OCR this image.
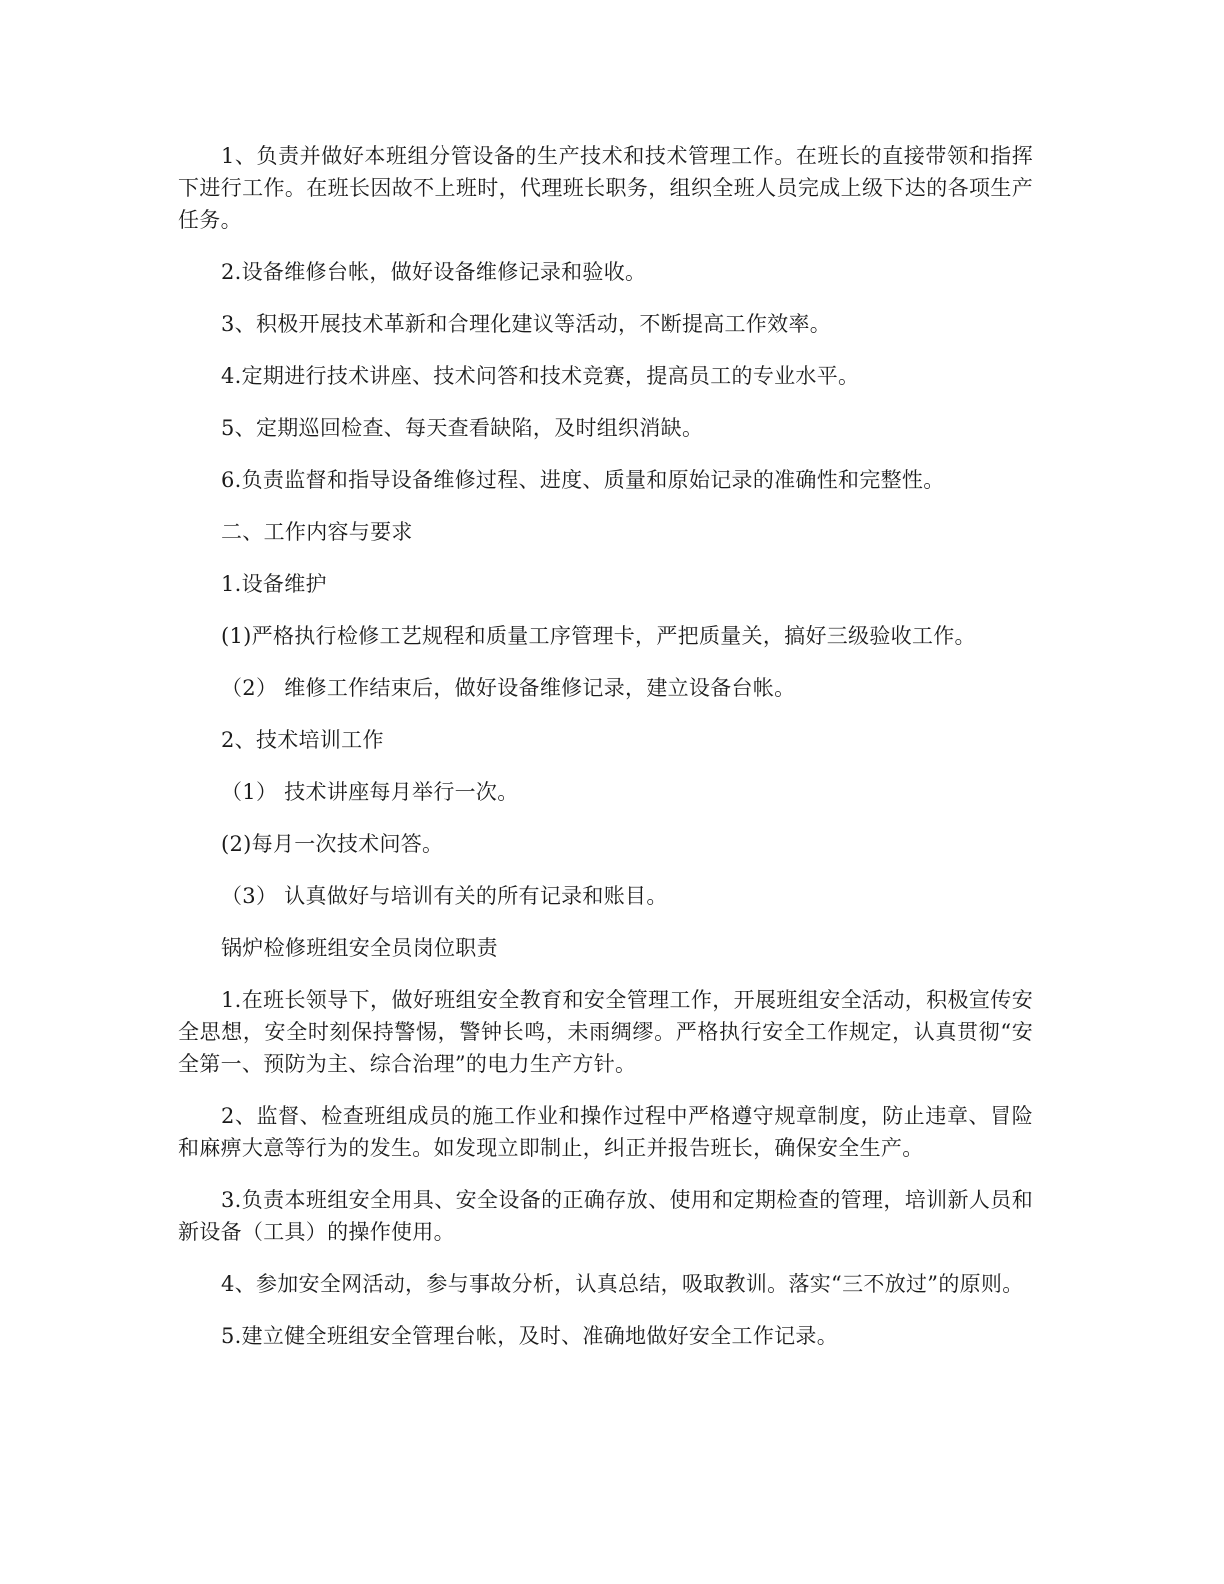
1、负责并做好本班组分管设备的生产技术和技术管理工作。在班长的直接带领和指挥下进行工作。在班长因故不上班时，代理班长职务，组织全班人员完成上级下达的各项生产任务。

2.设备维修台帐，做好设备维修记录和验收。

3、积极开展技术革新和合理化建议等活动，不断提高工作效率。

4.定期进行技术讲座、技术问答和技术竞赛，提高员工的专业水平。

5、定期巡回检查、每天查看缺陷，及时组织消缺。

6.负责监督和指导设备维修过程、进度、质量和原始记录的准确性和完整性。

二、工作内容与要求

1.设备维护

(1)严格执行检修工艺规程和质量工序管理卡，严把质量关，搞好三级验收工作。

（2） 维修工作结束后，做好设备维修记录，建立设备台帐。

2、技术培训工作

（1） 技术讲座每月举行一次。

(2)每月一次技术问答。

（3） 认真做好与培训有关的所有记录和账目。

锅炉检修班组安全员岗位职责

1.在班长领导下，做好班组安全教育和安全管理工作，开展班组安全活动，积极宣传安全思想，安全时刻保持警惕，警钟长鸣，未雨绸缪。严格执行安全工作规定，认真贯彻“安全第一、预防为主、综合治理”的电力生产方针。

2、监督、检查班组成员的施工作业和操作过程中严格遵守规章制度，防止违章、冒险和麻痹大意等行为的发生。如发现立即制止，纠正并报告班长，确保安全生产。

3.负责本班组安全用具、安全设备的正确存放、使用和定期检查的管理，培训新人员和新设备（工具）的操作使用。

4、参加安全网活动，参与事故分析，认真总结，吸取教训。落实“三不放过”的原则。

5.建立健全班组安全管理台帐，及时、准确地做好安全工作记录。
